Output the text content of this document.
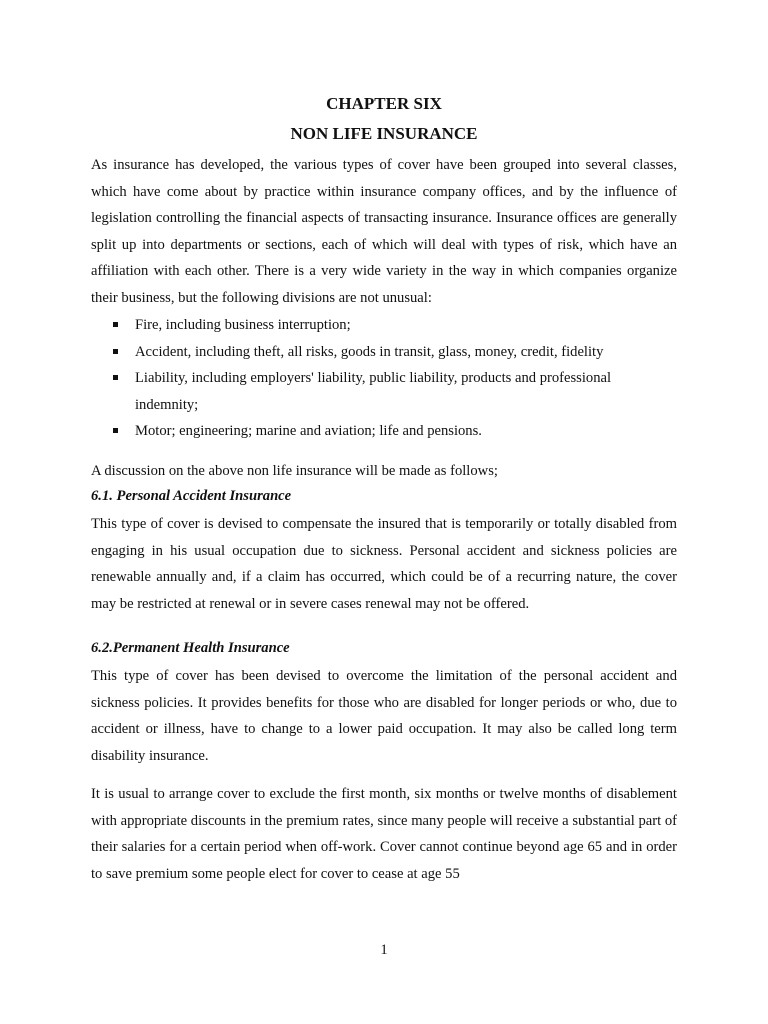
CHAPTER SIX
NON LIFE INSURANCE

As insurance has developed, the various types of cover have been grouped into several classes, which have come about by practice within insurance company offices, and by the influence of legislation controlling the financial aspects of transacting insurance. Insurance offices are generally split up into departments or sections, each of which will deal with types of risk, which have an affiliation with each other. There is a very wide variety in the way in which companies organize their business, but the following divisions are not unusual:

Fire, including business interruption;
Accident, including theft, all risks, goods in transit, glass, money, credit, fidelity
Liability, including employers' liability, public liability, products and professional indemnity;
Motor; engineering; marine and aviation; life and pensions.

A discussion on the above non life insurance will be made as follows;

6.1. Personal Accident Insurance

This type of cover is devised to compensate the insured that is temporarily or totally disabled from engaging in his usual occupation due to sickness. Personal accident and sickness policies are renewable annually and, if a claim has occurred, which could be of a recurring nature, the cover may be restricted at renewal or in severe cases renewal may not be offered.

6.2.Permanent Health Insurance

This type of cover has been devised to overcome the limitation of the personal accident and sickness policies. It provides benefits for those who are disabled for longer periods or who, due to accident or illness, have to change to a lower paid occupation. It may also be called long term disability insurance.

It is usual to arrange cover to exclude the first month, six months or twelve months of disablement with appropriate discounts in the premium rates, since many people will receive a substantial part of their salaries for a certain period when off-work. Cover cannot continue beyond age 65 and in order to save premium some people elect for cover to cease at age 55

1
